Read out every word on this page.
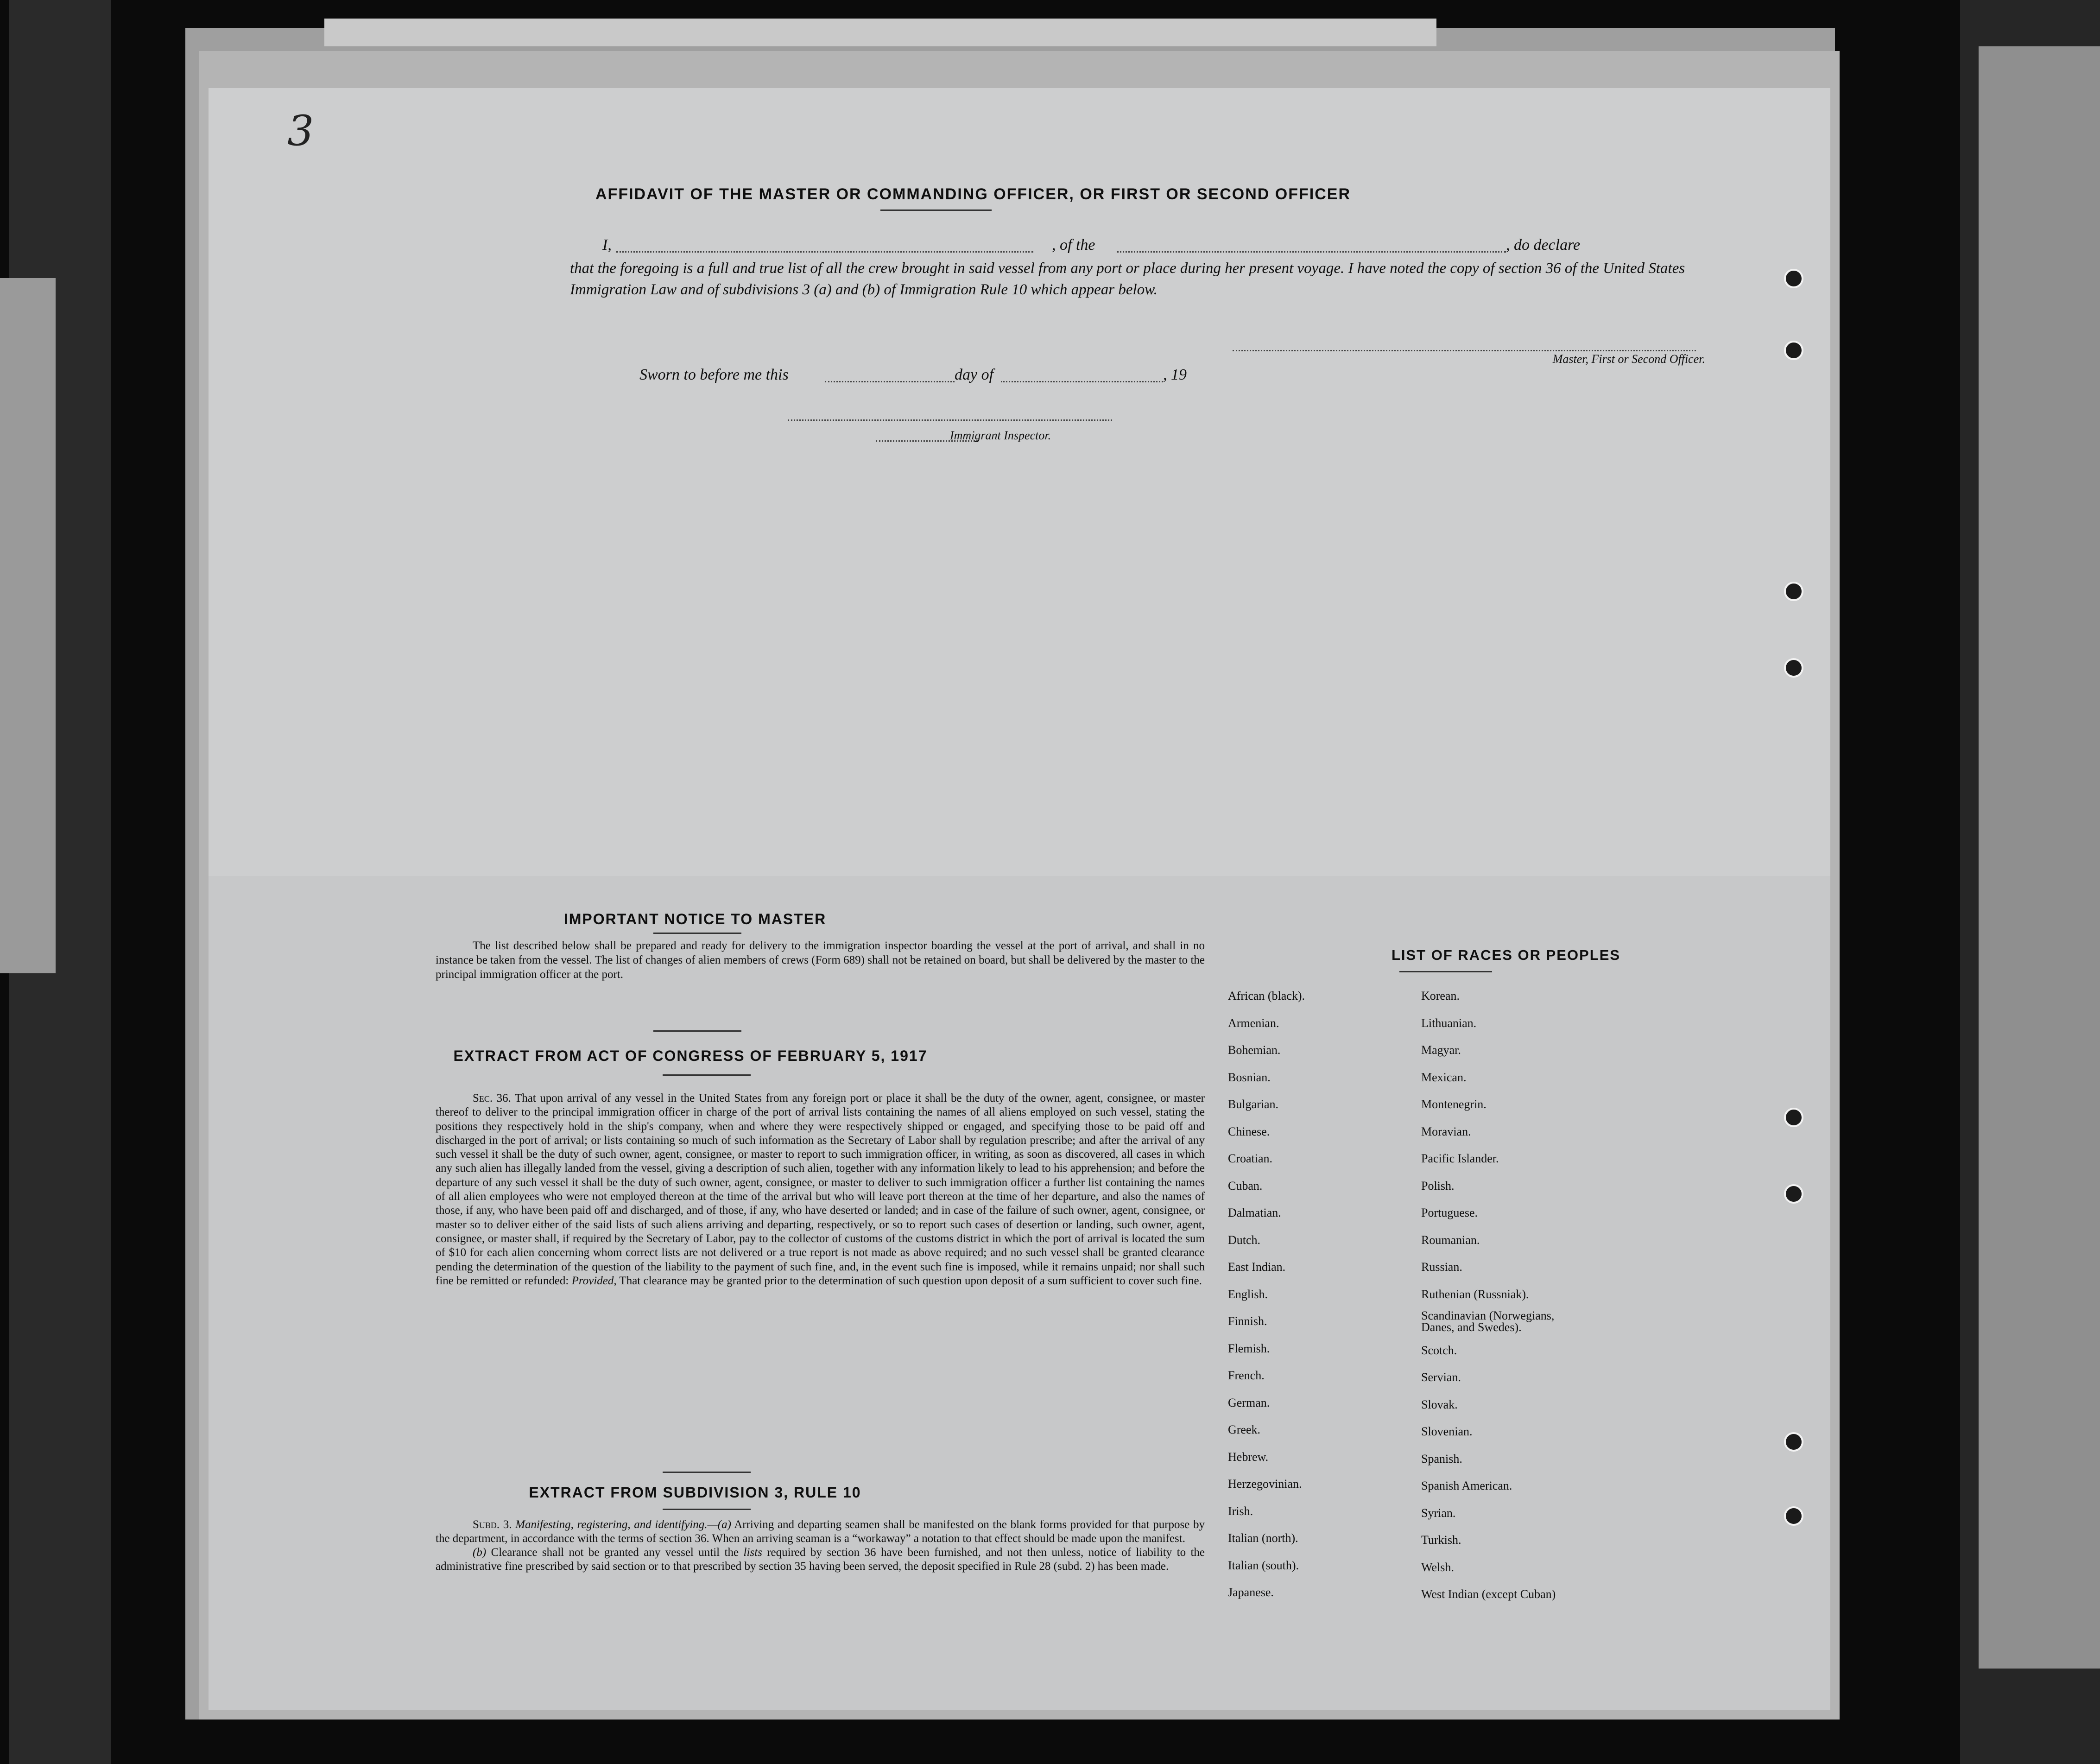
3
AFFIDAVIT OF THE MASTER OR COMMANDING OFFICER, OR FIRST OR SECOND OFFICER
I,	, of the	, do declare
that the foregoing is a full and true list of all the crew brought in said vessel from any port or place during her present voyage. I have noted the copy of section 36 of the United States Immigration Law and of subdivisions 3 (a) and (b) of Immigration Rule 10 which appear below.
Master, First or Second Officer.
Sworn to before me this	day of	, 19
Immigrant Inspector.
IMPORTANT NOTICE TO MASTER
The list described below shall be prepared and ready for delivery to the immigration inspector boarding the vessel at the port of arrival, and shall in no instance be taken from the vessel. The list of changes of alien members of crews (Form 689) shall not be retained on board, but shall be delivered by the master to the principal immigration officer at the port.
EXTRACT FROM ACT OF CONGRESS OF FEBRUARY 5, 1917
Sec. 36. That upon arrival of any vessel in the United States from any foreign port or place it shall be the duty of the owner, agent, consignee, or master thereof to deliver to the principal immigration officer in charge of the port of arrival lists containing the names of all aliens employed on such vessel, stating the positions they respectively hold in the ship's company, when and where they were respectively shipped or engaged, and specifying those to be paid off and discharged in the port of arrival; or lists containing so much of such information as the Secretary of Labor shall by regulation prescribe; and after the arrival of any such vessel it shall be the duty of such owner, agent, consignee, or master to report to such immigration officer, in writing, as soon as discovered, all cases in which any such alien has illegally landed from the vessel, giving a description of such alien, together with any information likely to lead to his apprehension; and before the departure of any such vessel it shall be the duty of such owner, agent, consignee, or master to deliver to such immigration officer a further list containing the names of all alien employees who were not employed thereon at the time of the arrival but who will leave port thereon at the time of her departure, and also the names of those, if any, who have been paid off and discharged, and of those, if any, who have deserted or landed; and in case of the failure of such owner, agent, consignee, or master so to deliver either of the said lists of such aliens arriving and departing, respectively, or so to report such cases of desertion or landing, such owner, agent, consignee, or master shall, if required by the Secretary of Labor, pay to the collector of customs of the customs district in which the port of arrival is located the sum of $10 for each alien concerning whom correct lists are not delivered or a true report is not made as above required; and no such vessel shall be granted clearance pending the determination of the question of the liability to the payment of such fine, and, in the event such fine is imposed, while it remains unpaid; nor shall such fine be remitted or refunded: Provided, That clearance may be granted prior to the determination of such question upon deposit of a sum sufficient to cover such fine.
EXTRACT FROM SUBDIVISION 3, RULE 10

Subd. 3. Manifesting, registering, and identifying.—(a) Arriving and departing seamen shall be manifested on the blank forms provided for that purpose by the department, in accordance with the terms of section 36. When an arriving seaman is a “workaway” a notation to that effect should be made upon the manifest.

(b) Clearance shall not be granted any vessel until the lists required by section 36 have been furnished, and not then unless, notice of liability to the administrative fine prescribed by said section or to that prescribed by section 35 having been served, the deposit specified in Rule 28 (subd. 2) has been made.

LIST OF RACES OR PEOPLES
African (black).
Armenian.
Bohemian.
Bosnian.
Bulgarian.
Chinese.
Croatian.
Cuban.
Dalmatian.
Dutch.
East Indian.
English.
Finnish.
Flemish.
French.
German.
Greek.
Hebrew.
Herzegovinian.
Irish.
Italian (north).
Italian (south).
Japanese.
Korean.
Lithuanian.
Magyar.
Mexican.
Montenegrin.
Moravian.
Pacific Islander.
Polish.
Portuguese.
Roumanian.
Russian.
Ruthenian (Russniak).
Scandinavian (Norwegians, Danes, and Swedes).
Scotch.
Servian.
Slovak.
Slovenian.
Spanish.
Spanish American.
Syrian.
Turkish.
Welsh.
West Indian (except Cuban)
